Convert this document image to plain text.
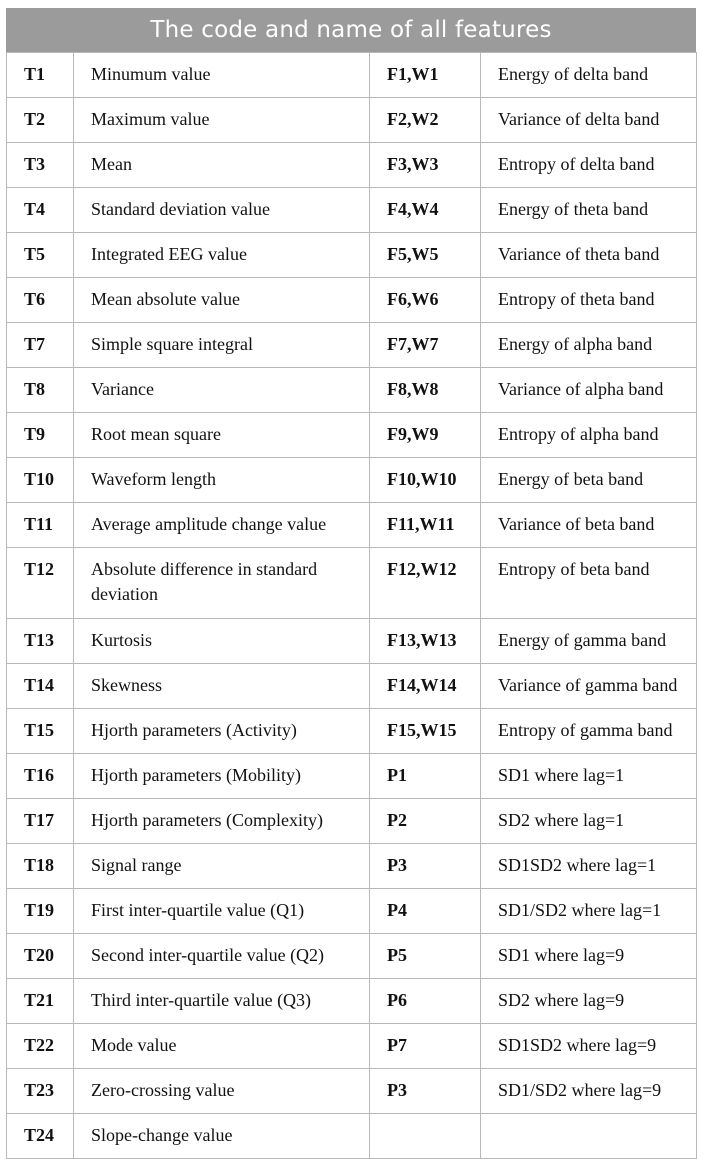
The code and name of all features
T1	Minumum value	F1,W1	Energy of delta band
T2	Maximum value	F2,W2	Variance of delta band
T3	Mean	F3,W3	Entropy of delta band
T4	Standard deviation value	F4,W4	Energy of theta band
T5	Integrated EEG value	F5,W5	Variance of theta band
T6	Mean absolute value	F6,W6	Entropy of theta band
T7	Simple square integral	F7,W7	Energy of alpha band
T8	Variance	F8,W8	Variance of alpha band
T9	Root mean square	F9,W9	Entropy of alpha band
T10	Waveform length	F10,W10	Energy of beta band
T11	Average amplitude change value	F11,W11	Variance of beta band
T12	Absolute difference in standard deviation	F12,W12	Entropy of beta band
T13	Kurtosis	F13,W13	Energy of gamma band
T14	Skewness	F14,W14	Variance of gamma band
T15	Hjorth parameters (Activity)	F15,W15	Entropy of gamma band
T16	Hjorth parameters (Mobility)	P1	SD1 where lag=1
T17	Hjorth parameters (Complexity)	P2	SD2 where lag=1
T18	Signal range	P3	SD1SD2 where lag=1
T19	First inter-quartile value (Q1)	P4	SD1/SD2 where lag=1
T20	Second inter-quartile value (Q2)	P5	SD1 where lag=9
T21	Third inter-quartile value (Q3)	P6	SD2 where lag=9
T22	Mode value	P7	SD1SD2 where lag=9
T23	Zero-crossing value	P3	SD1/SD2 where lag=9
T24	Slope-change value		
